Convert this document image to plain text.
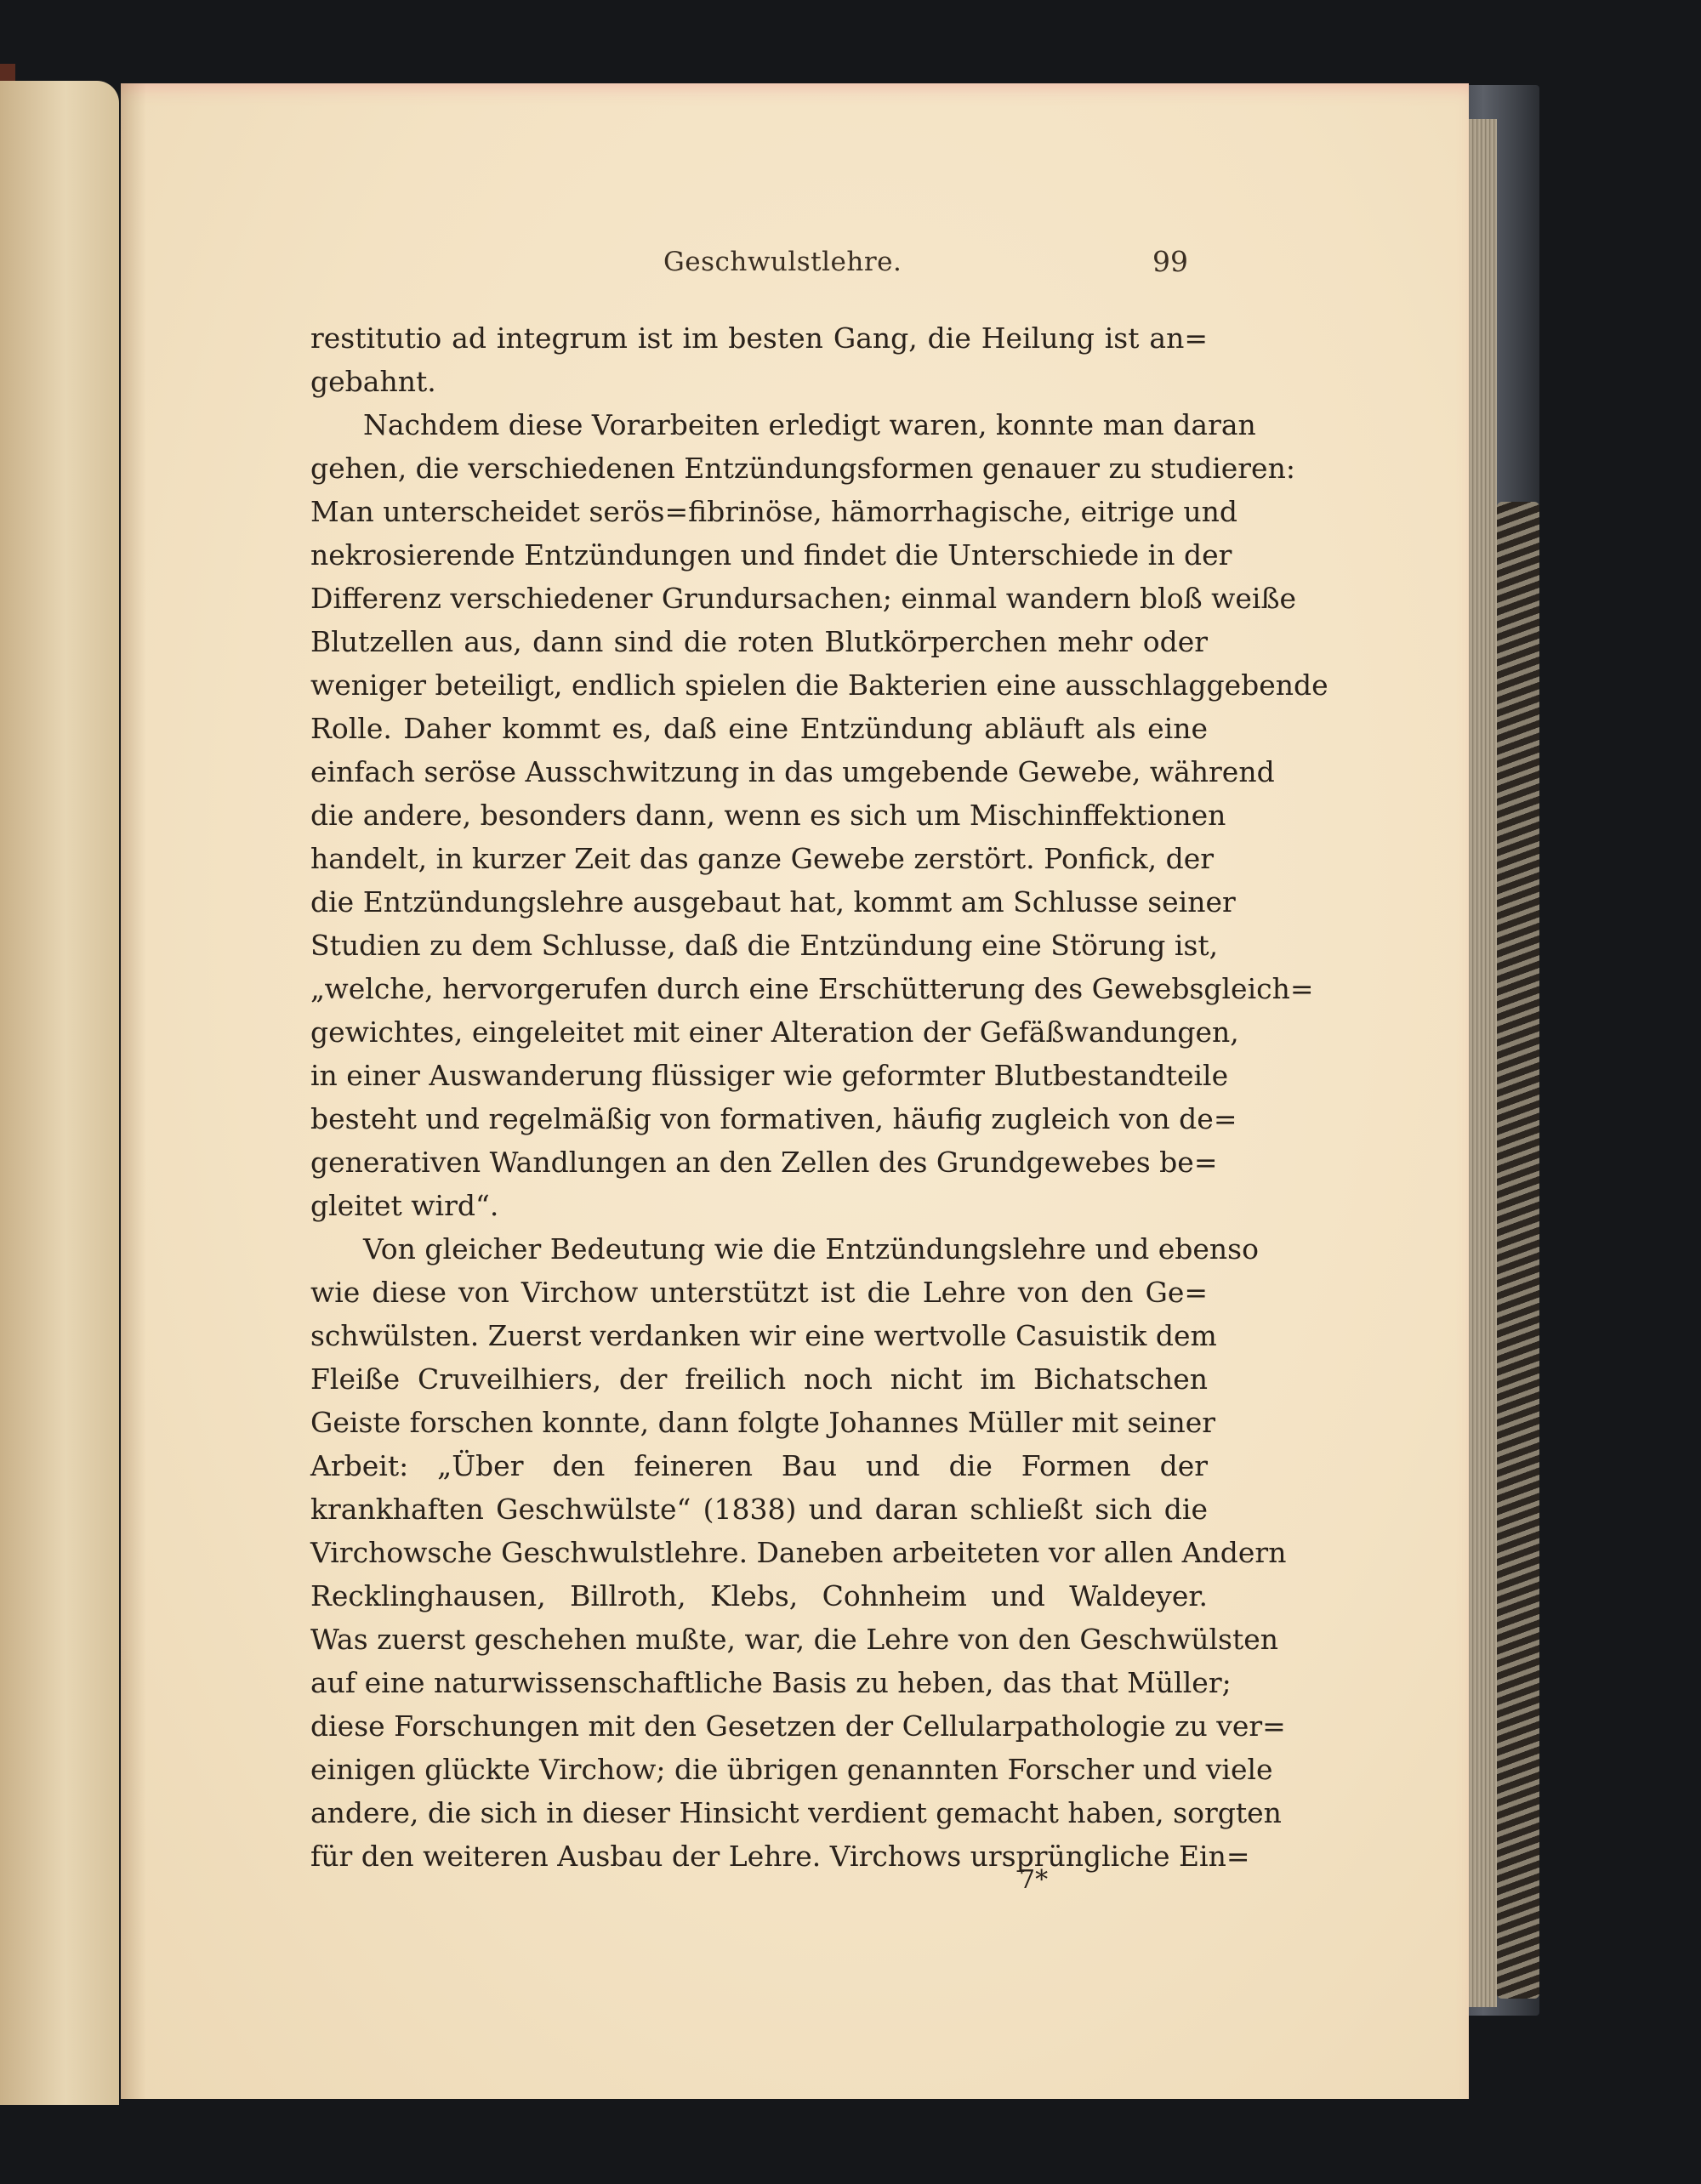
Geschwulstlehre.	99
restitutio ad integrum ist im besten Gang, die Heilung ist an=
gebahnt.
Nachdem diese Vorarbeiten erledigt waren, konnte man daran
gehen, die verschiedenen Entzündungsformen genauer zu studieren:
Man unterscheidet serös=fibrinöse, hämorrhagische, eitrige und
nekrosierende Entzündungen und findet die Unterschiede in der
Differenz verschiedener Grundursachen; einmal wandern bloß weiße
Blutzellen aus, dann sind die roten Blutkörperchen mehr oder
weniger beteiligt, endlich spielen die Bakterien eine ausschlaggebende
Rolle. Daher kommt es, daß eine Entzündung abläuft als eine
einfach seröse Ausschwitzung in das umgebende Gewebe, während
die andere, besonders dann, wenn es sich um Mischinffektionen
handelt, in kurzer Zeit das ganze Gewebe zerstört. Ponfick, der
die Entzündungslehre ausgebaut hat, kommt am Schlusse seiner
Studien zu dem Schlusse, daß die Entzündung eine Störung ist,
„welche, hervorgerufen durch eine Erschütterung des Gewebsgleich=
gewichtes, eingeleitet mit einer Alteration der Gefäßwandungen,
in einer Auswanderung flüssiger wie geformter Blutbestandteile
besteht und regelmäßig von formativen, häufig zugleich von de=
generativen Wandlungen an den Zellen des Grundgewebes be=
gleitet wird“.
Von gleicher Bedeutung wie die Entzündungslehre und ebenso
wie diese von Virchow unterstützt ist die Lehre von den Ge=
schwülsten. Zuerst verdanken wir eine wertvolle Casuistik dem
Fleiße Cruveilhiers, der freilich noch nicht im Bichatschen
Geiste forschen konnte, dann folgte Johannes Müller mit seiner
Arbeit: „Über den feineren Bau und die Formen der
krankhaften Geschwülste“ (1838) und daran schließt sich die
Virchowsche Geschwulstlehre. Daneben arbeiteten vor allen Andern
Recklinghausen, Billroth, Klebs, Cohnheim und Waldeyer.
Was zuerst geschehen mußte, war, die Lehre von den Geschwülsten
auf eine naturwissenschaftliche Basis zu heben, das that Müller;
diese Forschungen mit den Gesetzen der Cellularpathologie zu ver=
einigen glückte Virchow; die übrigen genannten Forscher und viele
andere, die sich in dieser Hinsicht verdient gemacht haben, sorgten
für den weiteren Ausbau der Lehre. Virchows ursprüngliche Ein=
7*
